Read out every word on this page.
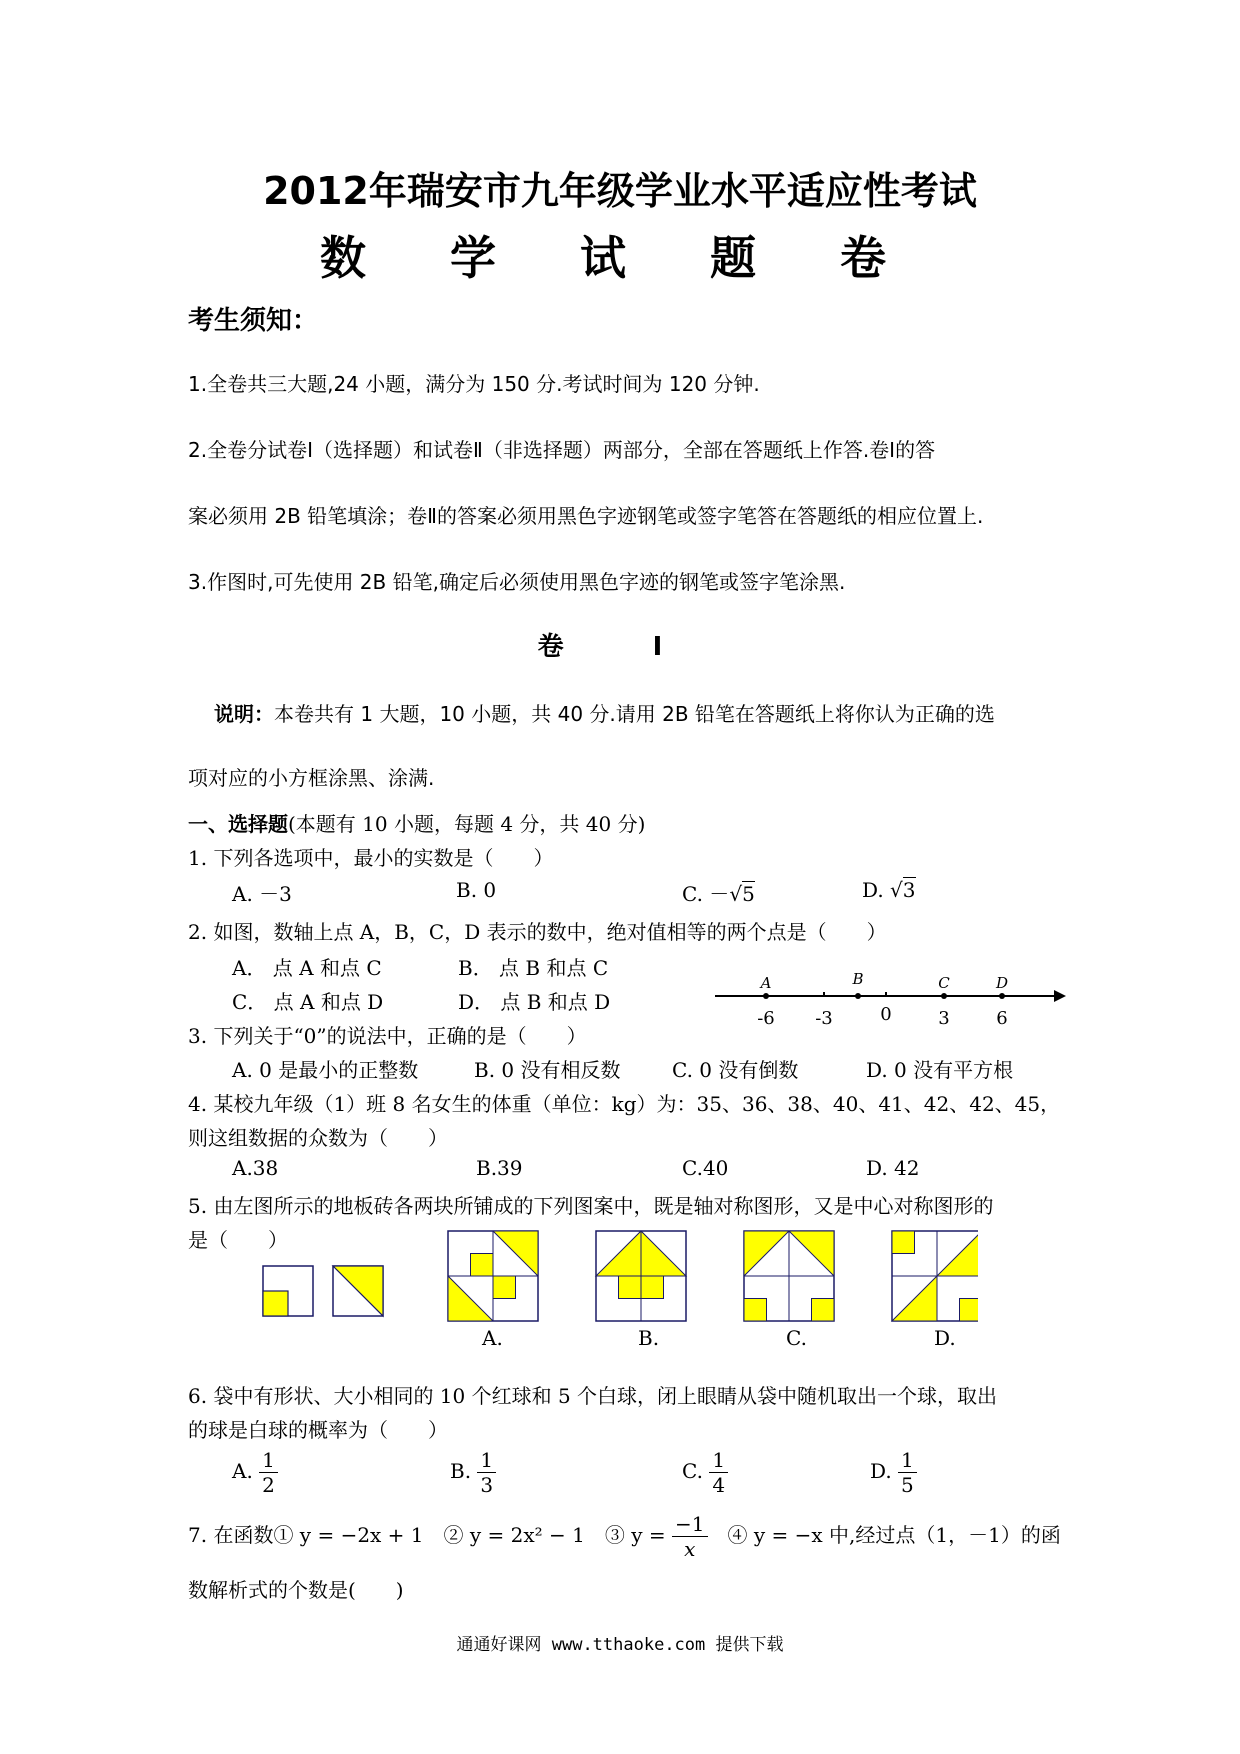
2012年瑞安市九年级学业水平适应性考试
数 学 试 题 卷
考生须知：
1.全卷共三大题,24 小题，满分为 150 分.考试时间为 120 分钟.
2.全卷分试卷Ⅰ（选择题）和试卷Ⅱ（非选择题）两部分，全部在答题纸上作答.卷Ⅰ的答
案必须用 2B 铅笔填涂；卷Ⅱ的答案必须用黑色字迹钢笔或签字笔答在答题纸的相应位置上.
3.作图时,可先使用 2B 铅笔,确定后必须使用黑色字迹的钢笔或签字笔涂黑.
卷 Ⅰ
说明：本卷共有 1 大题，10 小题，共 40 分.请用 2B 铅笔在答题纸上将你认为正确的选
项对应的小方框涂黑、涂满.
一、选择题(本题有 10 小题，每题 4 分，共 40 分)
1. 下列各选项中，最小的实数是（　　）
A. －3	B. 0	C. －√5	D. √3
2. 如图，数轴上点 A，B，C，D 表示的数中，绝对值相等的两个点是（　　）
A． 点 A 和点 C	B． 点 B 和点 C
C． 点 A 和点 D	D． 点 B 和点 D
A	B	C	D
-6 -3	0	3	6
3. 下列关于“0”的说法中，正确的是（　　）
A. 0 是最小的正整数	B. 0 没有相反数	C. 0 没有倒数	D. 0 没有平方根
4. 某校九年级（1）班 8 名女生的体重（单位：kg）为：35、36、38、40、41、42、42、45，
则这组数据的众数为（　　）
A.38	B.39	C.40	D. 42
5. 由左图所示的地板砖各两块所铺成的下列图案中，既是轴对称图形，又是中心对称图形的
是（　　）
A.	B.	C.	D.
6. 袋中有形状、大小相同的 10 个红球和 5 个白球，闭上眼睛从袋中随机取出一个球，取出
的球是白球的概率为（　　）
A. $\frac{1}{2}$	B. $\frac{1}{3}$	C. $\frac{1}{4}$	D. $\frac{1}{5}$
7. 在函数① y = −2x + 1　② y = 2x² − 1　③ $y = \frac{-1}{x}$ 　④ y = −x 中,经过点（1，－1）的函
数解析式的个数是(　　)
通通好课网 www.tthaoke.com 提供下载
